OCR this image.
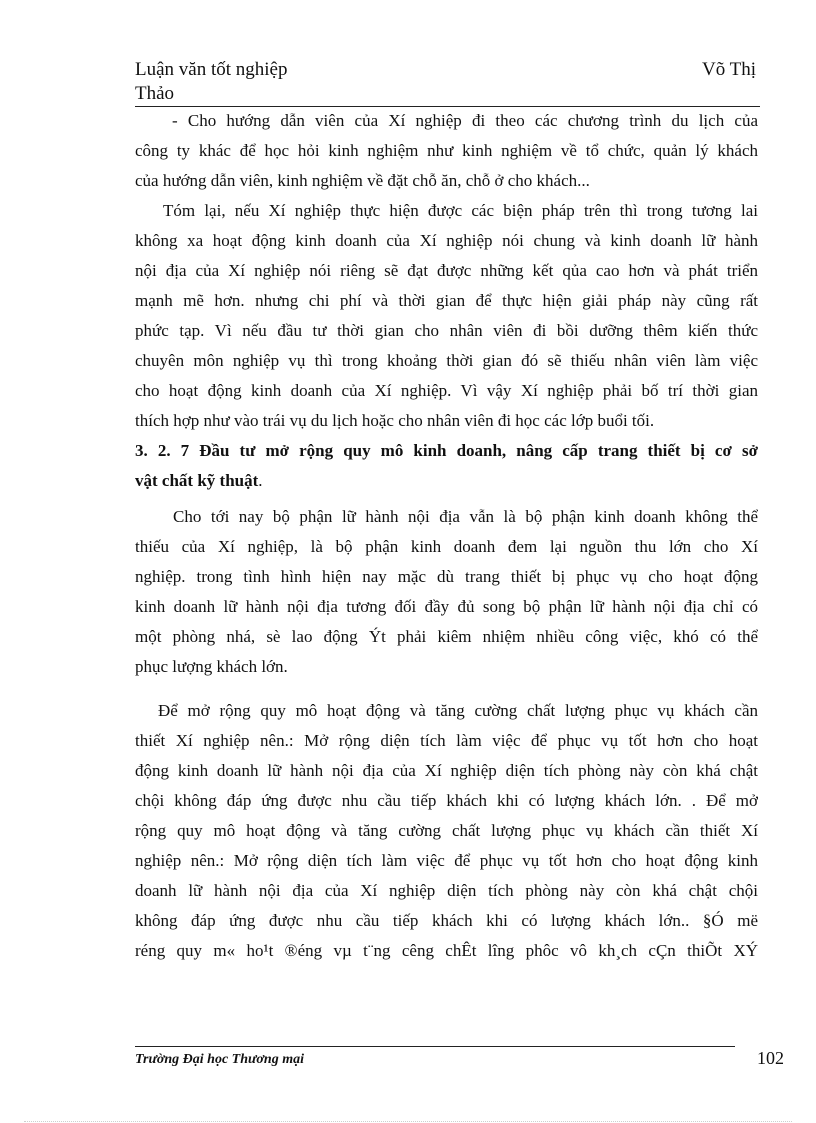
Luận văn tốt nghiệp	Võ Thị
Thảo
- Cho hướng dẫn viên của Xí nghiệp đi theo các chương trình du lịch của
công ty khác để học hỏi kinh nghiệm như kinh nghiệm về tổ chức, quản lý khách
của hướng dẫn viên, kinh nghiệm về đặt chỗ ăn, chỗ ở cho khách...
Tóm lại, nếu Xí nghiệp thực hiện được các biện pháp trên thì trong tương lai
không xa hoạt động kinh doanh của Xí nghiệp nói chung và kinh doanh lữ hành
nội địa của Xí nghiệp nói riêng sẽ đạt được những kết qủa cao hơn và phát triển
mạnh mẽ hơn. nhưng chi phí và thời gian để thực hiện giải pháp này cũng rất
phức tạp. Vì nếu đầu tư thời gian cho nhân viên đi bồi dưỡng thêm kiến thức
chuyên môn nghiệp vụ thì trong khoảng thời gian đó sẽ thiếu nhân viên làm việc
cho hoạt động kinh doanh của Xí nghiệp. Vì vậy Xí nghiệp phải bố trí thời gian
thích hợp như vào trái vụ du lịch hoặc cho nhân viên đi học các lớp buổi tối.
3. 2. 7 Đầu tư mở rộng quy mô kinh doanh, nâng cấp trang thiết bị cơ sở
vật chất kỹ thuật.
Cho tới nay bộ phận lữ hành nội địa vẫn là bộ phận kinh doanh không thể
thiếu của Xí nghiệp, là bộ phận kinh doanh đem lại nguồn thu lớn cho Xí
nghiệp. trong tình hình hiện nay mặc dù trang thiết bị phục vụ cho hoạt động
kinh doanh lữ hành nội địa tương đối đầy đủ song bộ phận lữ hành nội địa chỉ có
một phòng nhá, sè lao động Ýt phải kiêm nhiệm nhiều công việc, khó có thể
phục lượng khách lớn.
Để mở rộng quy mô hoạt động và tăng cường chất lượng phục vụ khách cần
thiết Xí nghiệp nên.: Mở rộng diện tích làm việc để phục vụ tốt hơn cho hoạt
động kinh doanh lữ hành nội địa của Xí nghiệp diện tích phòng này còn khá chật
chội không đáp ứng được nhu cầu tiếp khách khi có lượng khách lớn. . Để mở
rộng quy mô hoạt động và tăng cường chất lượng phục vụ khách cần thiết Xí
nghiệp nên.: Mở rộng diện tích làm việc để phục vụ tốt hơn cho hoạt động kinh
doanh lữ hành nội địa của Xí nghiệp diện tích phòng này còn khá chật chội
không đáp ứng được nhu cầu tiếp khách khi có lượng khách lớn.. §Ó më
réng quy m« ho¹t ®éng vµ t¨ng cêng chÊt lîng phôc vô kh¸ch cÇn thiÕt XÝ
Trường Đại học Thương mại	102
